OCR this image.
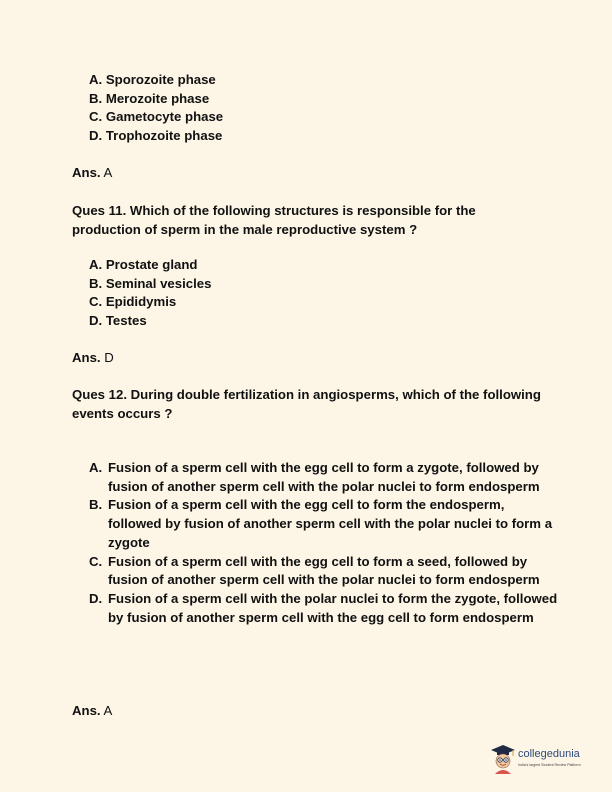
A. Sporozoite phase
B. Merozoite phase
C. Gametocyte phase
D. Trophozoite phase
Ans. A

Ques 11. Which of the following structures is responsible for the production of sperm in the male reproductive system ?

A. Prostate gland
B. Seminal vesicles
C. Epididymis
D. Testes
Ans. D

Ques 12. During double fertilization in angiosperms, which of the following events occurs ?

A. Fusion of a sperm cell with the egg cell to form a zygote, followed by fusion of another sperm cell with the polar nuclei to form endosperm
B. Fusion of a sperm cell with the egg cell to form the endosperm, followed by fusion of another sperm cell with the polar nuclei to form a zygote
C. Fusion of a sperm cell with the egg cell to form a seed, followed by fusion of another sperm cell with the polar nuclei to form endosperm
D. Fusion of a sperm cell with the polar nuclei to form the zygote, followed by fusion of another sperm cell with the egg cell to form endosperm
Ans. A
collegedunia
India's largest Student Review Platform
